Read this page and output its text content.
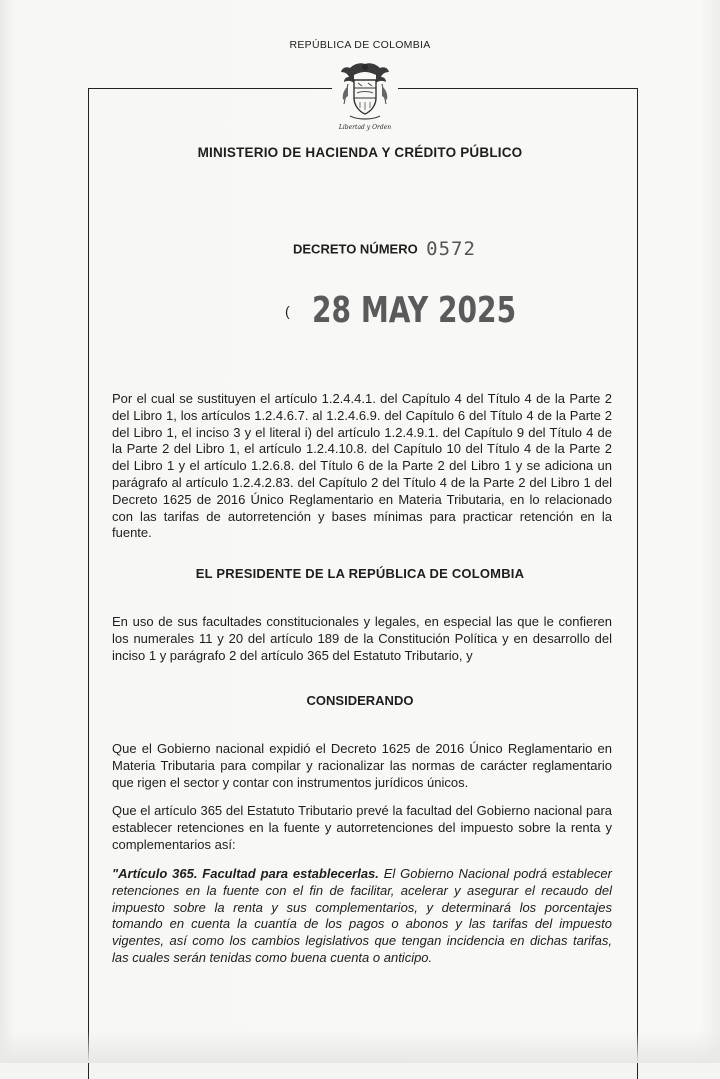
REPÚBLICA DE COLOMBIA
Libertad y Orden
MINISTERIO DE HACIENDA Y CRÉDITO PÚBLICO
DECRETO NÚMERO 0572
( 28 MAY 2025
Por el cual se sustituyen el artículo 1.2.4.4.1. del Capítulo 4 del Título 4 de la Parte 2 del Libro 1, los artículos 1.2.4.6.7. al 1.2.4.6.9. del Capítulo 6 del Título 4 de la Parte 2 del Libro 1, el inciso 3 y el literal i) del artículo 1.2.4.9.1. del Capítulo 9 del Título 4 de la Parte 2 del Libro 1, el artículo 1.2.4.10.8. del Capítulo 10 del Título 4 de la Parte 2 del Libro 1 y el artículo 1.2.6.8. del Título 6 de la Parte 2 del Libro 1 y se adiciona un parágrafo al artículo 1.2.4.2.83. del Capítulo 2 del Título 4 de la Parte 2 del Libro 1 del Decreto 1625 de 2016 Único Reglamentario en Materia Tributaria, en lo relacionado con las tarifas de autorretención y bases mínimas para practicar retención en la fuente.
EL PRESIDENTE DE LA REPÚBLICA DE COLOMBIA
En uso de sus facultades constitucionales y legales, en especial las que le confieren los numerales 11 y 20 del artículo 189 de la Constitución Política y en desarrollo del inciso 1 y parágrafo 2 del artículo 365 del Estatuto Tributario, y
CONSIDERANDO
Que el Gobierno nacional expidió el Decreto 1625 de 2016 Único Reglamentario en Materia Tributaria para compilar y racionalizar las normas de carácter reglamentario que rigen el sector y contar con instrumentos jurídicos únicos.
Que el artículo 365 del Estatuto Tributario prevé la facultad del Gobierno nacional para establecer retenciones en la fuente y autorretenciones del impuesto sobre la renta y complementarios así:
"Artículo 365. Facultad para establecerlas. El Gobierno Nacional podrá establecer retenciones en la fuente con el fin de facilitar, acelerar y asegurar el recaudo del impuesto sobre la renta y sus complementarios, y determinará los porcentajes tomando en cuenta la cuantía de los pagos o abonos y las tarifas del impuesto vigentes, así como los cambios legislativos que tengan incidencia en dichas tarifas, las cuales serán tenidas como buena cuenta o anticipo.
